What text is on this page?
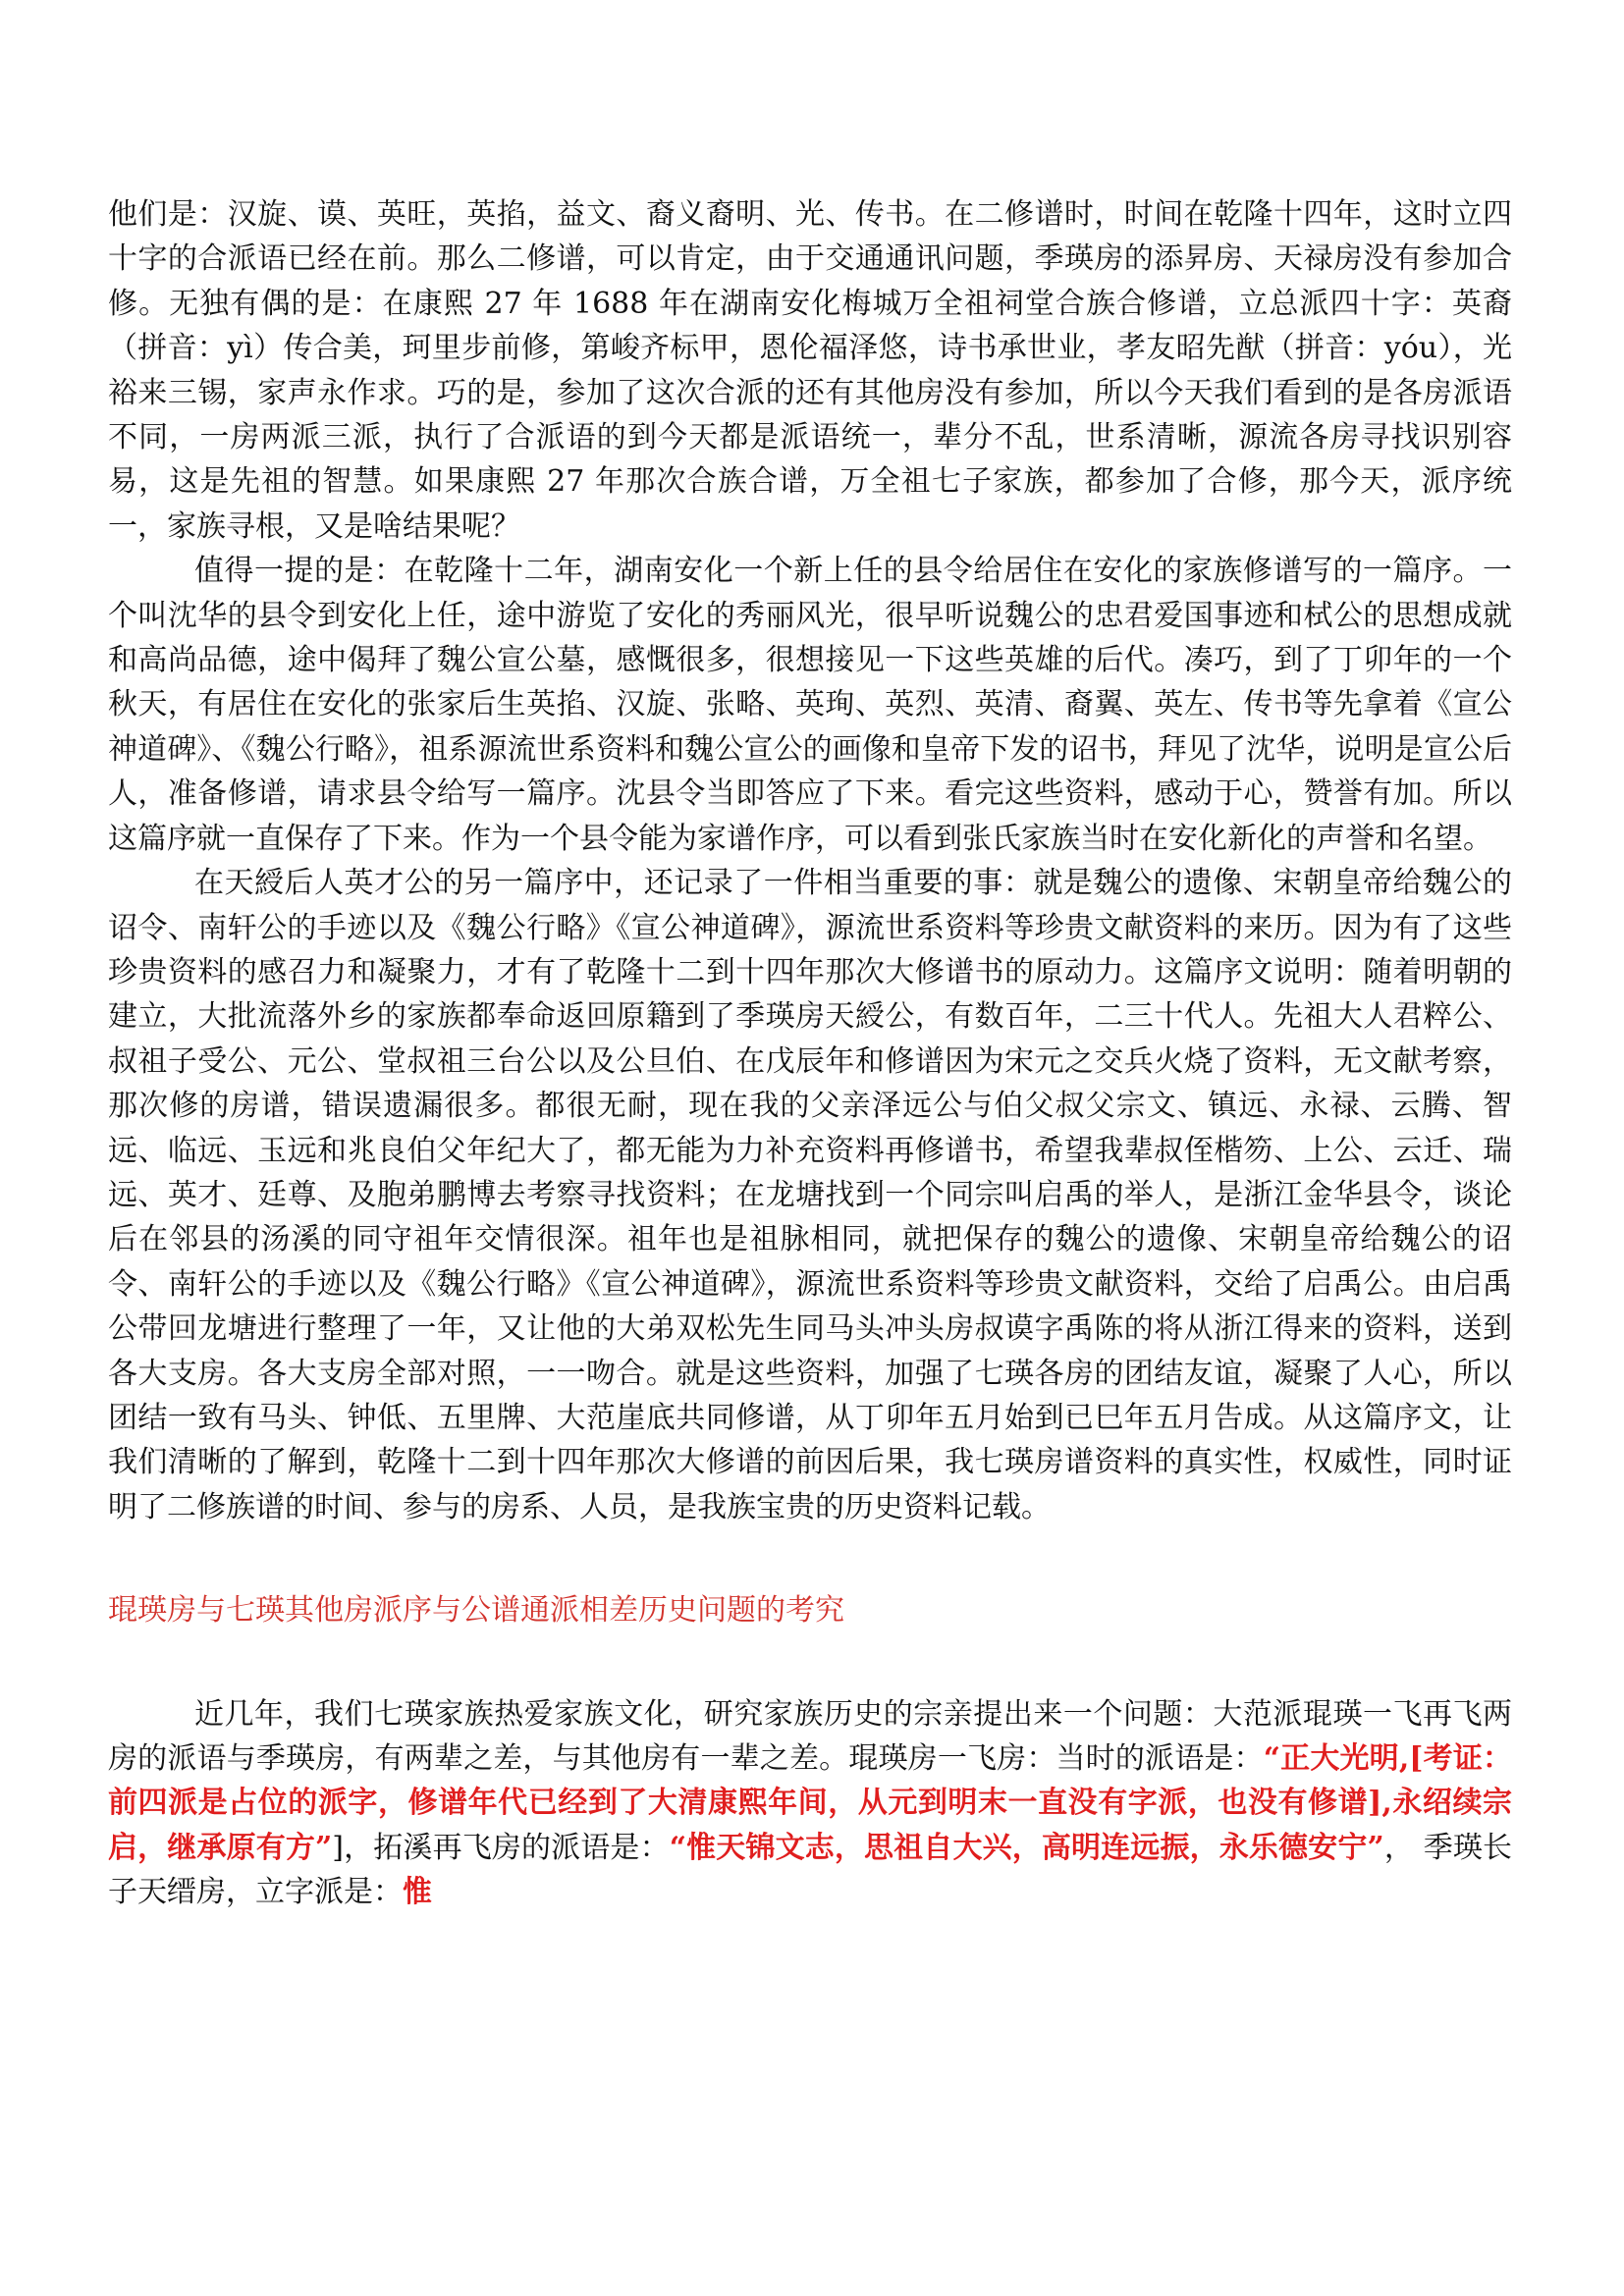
他们是：汉旋、谟、英旺，英掐，益文、裔义裔明、光、传书。在二修谱时，时间在乾隆十四年，这时立四十字的合派语已经在前。那么二修谱，可以肯定，由于交通通讯问题，季瑛房的添昇房、天禄房没有参加合修。无独有偶的是：在康熙 27 年 1688 年在湖南安化梅城万全祖祠堂合族合修谱，立总派四十字：英裔（拼音：yì）传合美，珂里步前修，第峻齐标甲，恩伦福泽悠，诗书承世业，孝友昭先猷（拼音：yóu），光裕来三锡，家声永作求。巧的是，参加了这次合派的还有其他房没有参加，所以今天我们看到的是各房派语不同，一房两派三派，执行了合派语的到今天都是派语统一，辈分不乱，世系清晰，源流各房寻找识别容易，这是先祖的智慧。如果康熙 27 年那次合族合谱，万全祖七子家族，都参加了合修，那今天，派序统一，家族寻根，又是啥结果呢？

值得一提的是：在乾隆十二年，湖南安化一个新上任的县令给居住在安化的家族修谱写的一篇序。一个叫沈华的县令到安化上任，途中游览了安化的秀丽风光，很早听说魏公的忠君爱国事迹和栻公的思想成就和高尚品德，途中偈拜了魏公宣公墓，感慨很多，很想接见一下这些英雄的后代。凑巧，到了丁卯年的一个秋天，有居住在安化的张家后生英掐、汉旋、张略、英珣、英烈、英清、裔翼、英左、传书等先拿着《宣公神道碑》、《魏公行略》，祖系源流世系资料和魏公宣公的画像和皇帝下发的诏书，拜见了沈华，说明是宣公后人，准备修谱，请求县令给写一篇序。沈县令当即答应了下来。看完这些资料，感动于心，赞誉有加。所以这篇序就一直保存了下来。作为一个县令能为家谱作序，可以看到张氏家族当时在安化新化的声誉和名望。

在天綬后人英才公的另一篇序中，还记录了一件相当重要的事：就是魏公的遗像、宋朝皇帝给魏公的诏令、南轩公的手迹以及《魏公行略》《宣公神道碑》，源流世系资料等珍贵文献资料的来历。因为有了这些珍贵资料的感召力和凝聚力，才有了乾隆十二到十四年那次大修谱书的原动力。这篇序文说明：随着明朝的建立，大批流落外乡的家族都奉命返回原籍到了季瑛房天綬公，有数百年，二三十代人。先祖大人君粹公、叔祖子受公、元公、堂叔祖三台公以及公旦伯、在戊辰年和修谱因为宋元之交兵火烧了资料，无文献考察，那次修的房谱，错误遗漏很多。都很无耐，现在我的父亲泽远公与伯父叔父宗文、镇远、永禄、云腾、智远、临远、玉远和兆良伯父年纪大了，都无能为力补充资料再修谱书，希望我辈叔侄楷笏、上公、云迁、瑞远、英才、廷尊、及胞弟鹏博去考察寻找资料；在龙塘找到一个同宗叫启禹的举人，是浙江金华县令，谈论后在邻县的汤溪的同守祖年交情很深。祖年也是祖脉相同，就把保存的魏公的遗像、宋朝皇帝给魏公的诏令、南轩公的手迹以及《魏公行略》《宣公神道碑》，源流世系资料等珍贵文献资料，交给了启禹公。由启禹公带回龙塘进行整理了一年，又让他的大弟双松先生同马头冲头房叔谟字禹陈的将从浙江得来的资料，送到各大支房。各大支房全部对照，一一吻合。就是这些资料，加强了七瑛各房的团结友谊，凝聚了人心，所以团结一致有马头、钟低、五里牌、大范崖底共同修谱，从丁卯年五月始到已巳年五月告成。从这篇序文，让我们清晰的了解到，乾隆十二到十四年那次大修谱的前因后果，我七瑛房谱资料的真实性，权威性，同时证明了二修族谱的时间、参与的房系、人员，是我族宝贵的历史资料记载。

琨瑛房与七瑛其他房派序与公谱通派相差历史问题的考究

近几年，我们七瑛家族热爱家族文化，研究家族历史的宗亲提出来一个问题：大范派琨瑛一飞再飞两房的派语与季瑛房，有两辈之差，与其他房有一辈之差。琨瑛房一飞房：当时的派语是：“正大光明,[考证：前四派是占位的派字，修谱年代已经到了大清康熙年间，从元到明末一直没有字派，也没有修谱],永绍续宗启，继承原有方”]，拓溪再飞房的派语是：“惟天锦文志，思祖自大兴，高明连远振，永乐德安宁”， 季瑛长子天缙房，立字派是：惟
